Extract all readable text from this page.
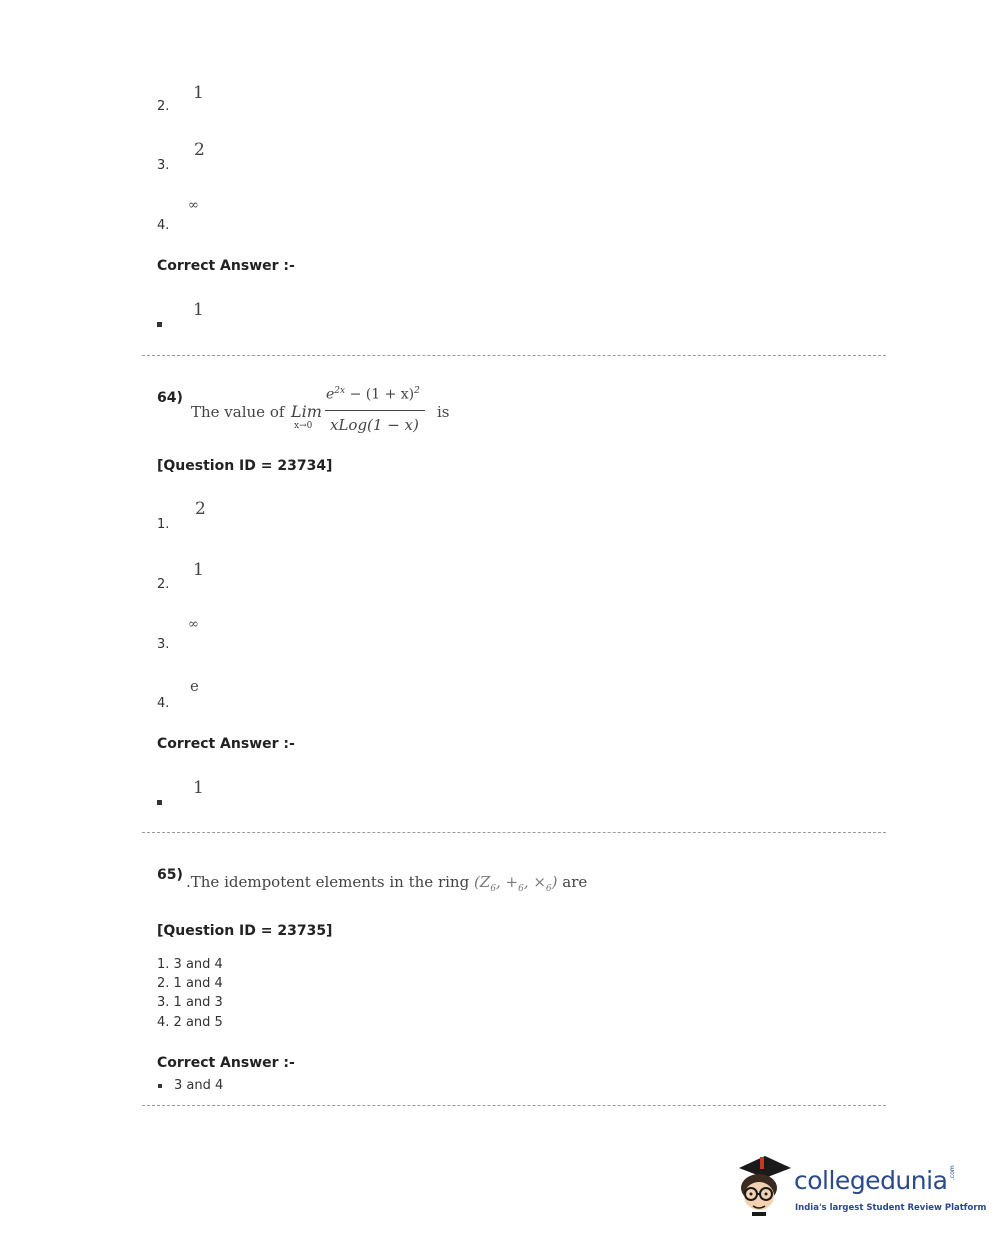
1
2.
2
3.
∞
4.
Correct Answer :-
1
64)
The value of Lim
x→0
$e^{2x} - (1 + x)^2$
xLog(1 − x)
is
[Question ID = 23734]
2
1.
1
2.
∞
3.
e
4.
Correct Answer :-
1
65) .The idempotent elements in the ring ($Z_6$, $+_6$, $\times_6$) are
[Question ID = 23735]
1. 3 and 4
2. 1 and 4
3. 1 and 3
4. 2 and 5
Correct Answer :-
3 and 4
collegedunia .com
India's largest Student Review Platform
